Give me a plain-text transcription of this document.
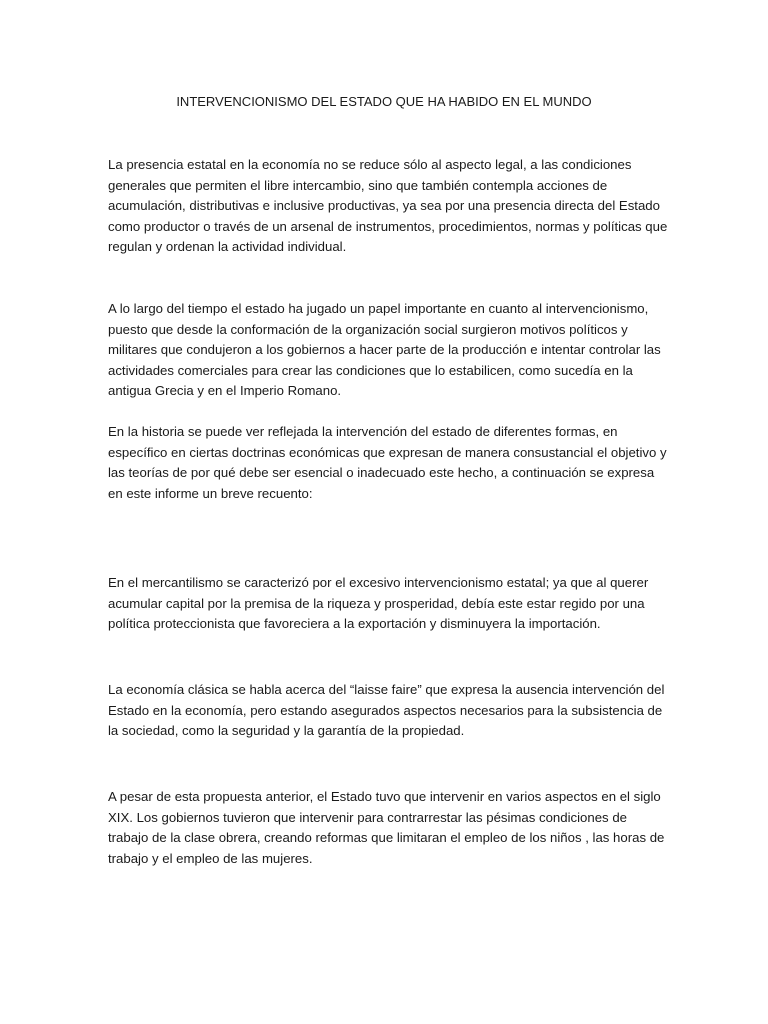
INTERVENCIONISMO DEL ESTADO QUE HA HABIDO EN EL MUNDO

La presencia estatal en la economía no se reduce sólo al aspecto legal, a las condiciones generales que permiten el libre intercambio, sino que también contempla acciones de acumulación, distributivas e inclusive productivas, ya sea por una presencia directa del Estado como productor o través de un arsenal de instrumentos, procedimientos, normas y políticas que regulan y ordenan la actividad individual.

A lo largo del tiempo el estado ha jugado un papel importante en cuanto al intervencionismo, puesto que desde la conformación de la organización social surgieron motivos políticos y militares que condujeron a los gobiernos a hacer parte de la producción e intentar controlar las actividades comerciales para crear las condiciones que lo estabilicen, como sucedía en la antigua Grecia y en el Imperio Romano.

En la historia se puede ver reflejada la intervención del estado de diferentes formas, en específico en ciertas doctrinas económicas que expresan de manera consustancial el objetivo y las teorías de por qué debe ser esencial o inadecuado este hecho, a continuación se expresa en este informe un breve recuento:

En el mercantilismo se caracterizó por el excesivo intervencionismo estatal; ya que al querer acumular capital por la premisa de la riqueza y prosperidad, debía este estar regido por una política proteccionista que favoreciera a la exportación y disminuyera la importación.

La economía clásica se habla acerca del “laisse faire” que expresa la ausencia intervención del Estado en la economía, pero estando asegurados aspectos necesarios para la subsistencia de la sociedad, como la seguridad y la garantía de la propiedad.

A pesar de esta propuesta anterior, el Estado tuvo que intervenir en varios aspectos en el siglo XIX. Los gobiernos tuvieron que intervenir para contrarrestar las pésimas condiciones de trabajo de la clase obrera, creando reformas que limitaran el empleo de los niños , las horas de trabajo y el empleo de las mujeres.
